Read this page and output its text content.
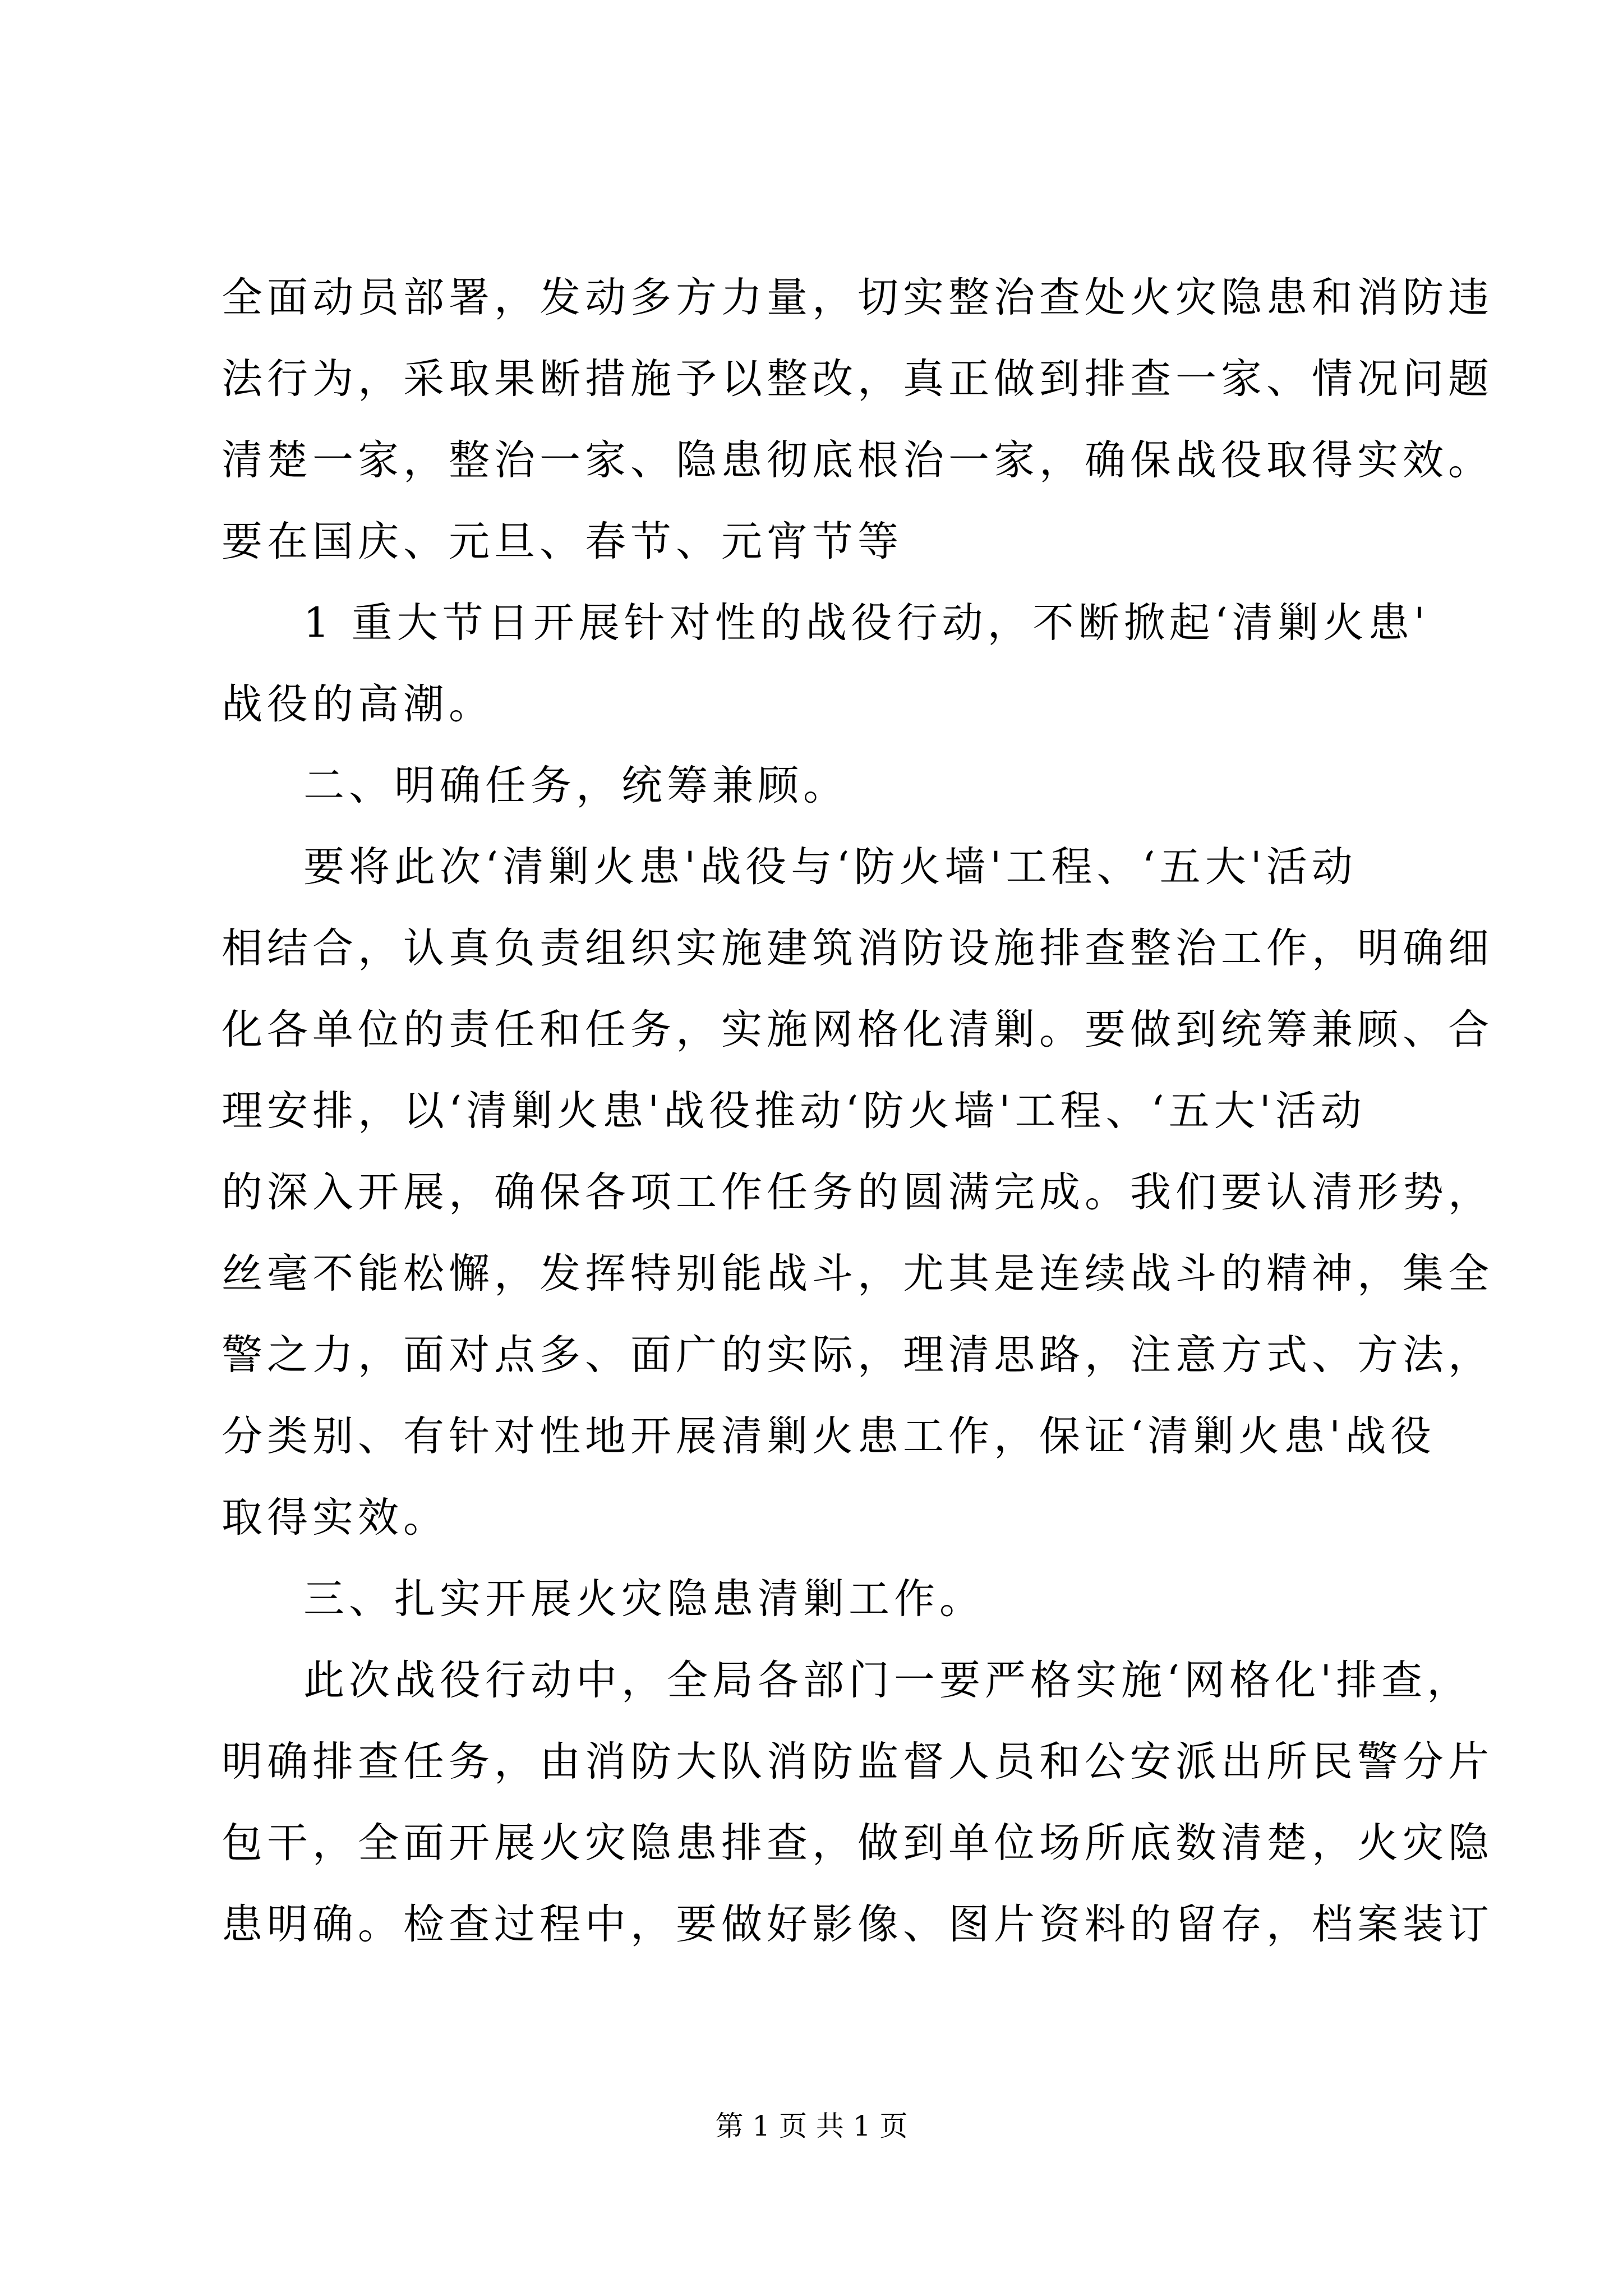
全面动员部署，发动多方力量，切实整治查处火灾隐患和消防违
法行为，采取果断措施予以整改，真正做到排查一家、情况问题
清楚一家，整治一家、隐患彻底根治一家，确保战役取得实效。
要在国庆、元旦、春节、元宵节等
1 重大节日开展针对性的战役行动，不断掀起‘清剿火患'
战役的高潮。
二、明确任务，统筹兼顾。
要将此次‘清剿火患'战役与‘防火墙'工程、‘五大'活动
相结合，认真负责组织实施建筑消防设施排查整治工作，明确细
化各单位的责任和任务，实施网格化清剿。要做到统筹兼顾、合
理安排，以‘清剿火患'战役推动‘防火墙'工程、‘五大'活动
的深入开展，确保各项工作任务的圆满完成。我们要认清形势，
丝毫不能松懈，发挥特别能战斗，尤其是连续战斗的精神，集全
警之力，面对点多、面广的实际，理清思路，注意方式、方法，
分类别、有针对性地开展清剿火患工作，保证‘清剿火患'战役
取得实效。
三、扎实开展火灾隐患清剿工作。
此次战役行动中，全局各部门一要严格实施‘网格化'排查，
明确排查任务，由消防大队消防监督人员和公安派出所民警分片
包干，全面开展火灾隐患排查，做到单位场所底数清楚，火灾隐
患明确。检查过程中，要做好影像、图片资料的留存，档案装订
第 1 页 共 1 页
